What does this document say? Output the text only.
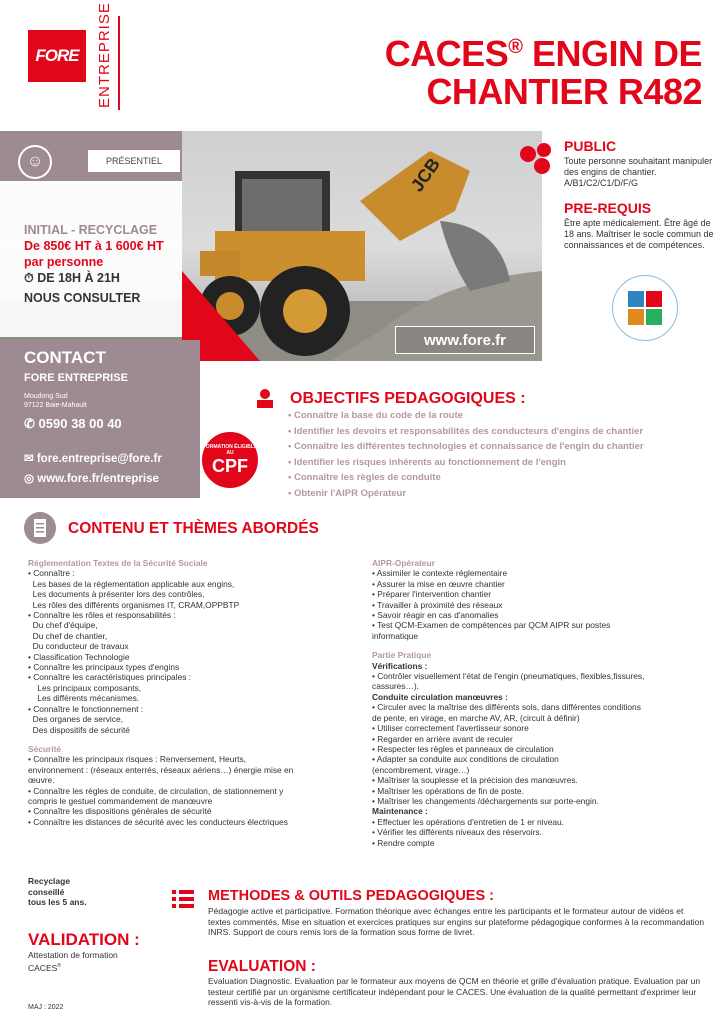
FORE ENTREPRISE	CACES® ENGIN DE
CHANTIER R482
JCB
☺	PRÉSENTIEL
www.fore.fr
INITIAL - RECYCLAGE
De 850€ HT à 1 600€ HT
par personne
⏱ DE 18H À 21H
NOUS CONSULTER
CONTACT
FORE ENTREPRISE
Moudong Sud
97122 Baie-Mahault
✆ 0590 38 00 40
✉ fore.entreprise@fore.fr
◎ www.fore.fr/entreprise
FORMATION ÉLIGIBLE AU
CPF
PUBLIC
Toute personne souhaitant manipuler des engins de chantier. A/B1/C2/C1/D/F/G
PRE-REQUIS
Être apte médicalement. Être âgé de 18 ans. Maîtriser le socle commun de connaissances et de compétences.
OBJECTIFS PEDAGOGIQUES :
• Connaître la base du code de la route
• Identifier les devoirs et responsabilités des conducteurs d'engins de chantier
• Connaître les différentes technologies et connaissance de l'engin du chantier
• Identifier les risques inhérents au fonctionnement de l'engin
• Connaître les règles de conduite
• Obtenir l'AIPR Opérateur
CONTENU ET THÈMES ABORDÉS
Réglementation Textes de la Sécurité Sociale
• Connaître :
Les bases de la réglementation applicable aux engins,
Les documents à présenter lors des contrôles,
Les rôles des différents organismes IT, CRAM,OPPBTP
• Connaître les rôles et responsabilités :
Du chef d'équipe,
Du chef de chantier,
Du conducteur de travaux
• Classification Technologie
• Connaître les principaux types d'engins
• Connaître les caractéristiques principales :
Les principaux composants,
Les différents mécanismes.
• Connaître le fonctionnement :
Des organes de service,
Des dispositifs de sécurité
Sécurité
• Connaître les principaux risques : Renversement, Heurts,
environnement : (réseaux enterrés, réseaux aériens…) énergie mise en
œuvre.
• Connaître les règles de conduite, de circulation, de stationnement y
compris le gestuel commandement de manœuvre
• Connaître les dispositions générales de sécurité
• Connaître les distances de sécurité avec les conducteurs électriques
AIPR-Opérateur
• Assimiler le contexte réglementaire
• Assurer la mise en œuvre chantier
• Préparer l'intervention chantier
• Travailler à proximité des réseaux
• Savoir réagir en cas d'anomalies
• Test QCM-Examen de compétences par QCM AIPR sur postes
informatique
Partie Pratique
Vérifications :
• Contrôler visuellement l'état de l'engin (pneumatiques, flexibles,fissures,
cassures…).
Conduite circulation manœuvres :
• Circuler avec la maîtrise des différents sols, dans différentes conditions
de pente, en virage, en marche AV, AR, (circuit à définir)
• Utiliser correctement l'avertisseur sonore
• Regarder en arrière avant de reculer
• Respecter les règles et panneaux de circulation
• Adapter sa conduite aux conditions de circulation
(encombrement, virage…)
• Maîtriser la souplesse et la précision des manœuvres.
• Maîtriser les opérations de fin de poste.
• Maîtriser les changements /déchargements sur porte-engin.
Maintenance :
• Effectuer les opérations d'entretien de 1 er niveau.
• Vérifier les différents niveaux des réservoirs.
• Rendre compte
Recyclage
conseillé
tous les 5 ans.
VALIDATION :
Attestation de formation
CACES®
MAJ : 2022
METHODES & OUTILS PEDAGOGIQUES :
Pédagogie active et participative. Formation théorique avec échanges entre les participants et le formateur autour de vidéos et textes commentés. Mise en situation et exercices pratiques sur engins sur plateforme pédagogique conformes à la recommandation INRS. Support de cours remis lors de la formation sous forme de livret.
EVALUATION :
Evaluation Diagnostic. Evaluation par le formateur aux moyens de QCM en théorie et grille d'évaluation pratique. Evaluation par un testeur certifié par un organisme certificateur indépendant pour le CACES. Une évaluation de la qualité permettant d'exprimer leur ressenti vis-à-vis de la formation.
